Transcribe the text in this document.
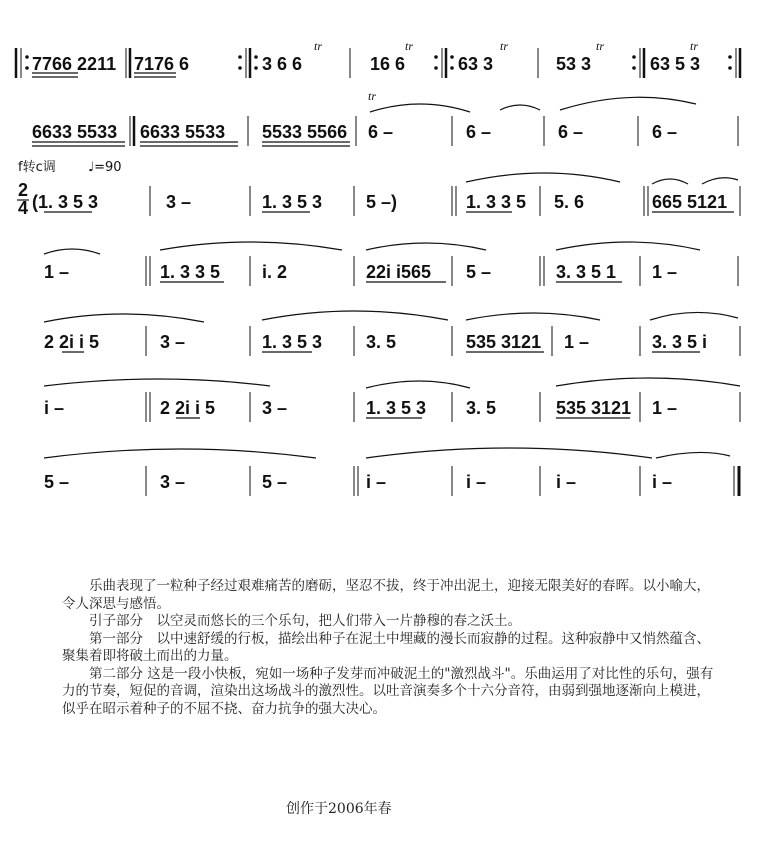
7766 2211 7176 6	3 6 6
tr
16 6
tr
63 3
tr
53 3
tr
63 5 3
tr
6633 5533 6633 5533 5533 5566
tr
6 –	6 –	6 –	6 –
f转c调 ♩=90
2
4 (1. 3 5 3	3 –	1. 3 5 3 5 –)	1. 3 3 5 5. 6	665 5121
1 –	1. 3 3 5 i. 2	22i i565 5 –	3. 3 5 1 1 –
2 2i i 5	3 –	1. 3 5 3 3. 5	535 3121 1 –	3. 3 5 i
i –	2 2i i 5	3 –	1. 3 5 3 3. 5	535 3121 1 –
5 –	3 –	5 –	i –	i –	i –	i –

乐曲表现了一粒种子经过艰难痛苦的磨砺，坚忍不拔，终于冲出泥土，迎接无限美好的春晖。以小喻大，令人深思与感悟。

引子部分　以空灵而悠长的三个乐句，把人们带入一片静穆的春之沃土。

第一部分　以中速舒缓的行板，描绘出种子在泥土中埋藏的漫长而寂静的过程。这种寂静中又悄然蕴含、聚集着即将破土而出的力量。

第二部分 这是一段小快板，宛如一场种子发芽而冲破泥土的"激烈战斗"。乐曲运用了对比性的乐句，强有力的节奏，短促的音调，渲染出这场战斗的激烈性。以吐音演奏多个十六分音符，由弱到强地逐渐向上模进，似乎在昭示着种子的不屈不挠、奋力抗争的强大决心。

创作于2006年春
